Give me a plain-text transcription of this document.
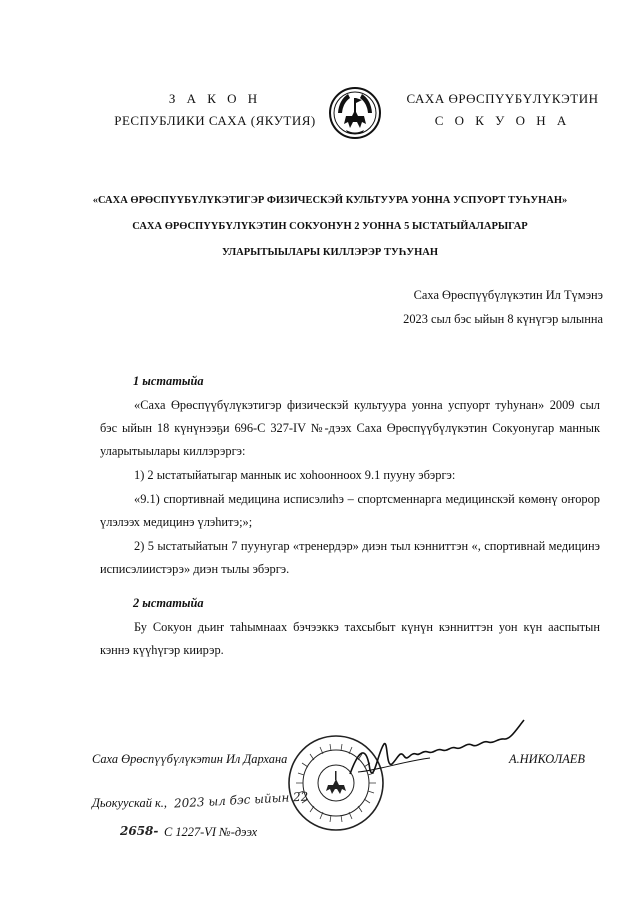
З А К О Н
РЕСПУБЛИКИ САХА (ЯКУТИЯ)
САХА ӨРӨСПҮҮБҮЛҮКЭТИН
С О К У О Н А
«САХА ӨРӨСПҮҮБҮЛҮКЭТИГЭР ФИЗИЧЕСКЭЙ КУЛЬТУУРА УОННА УСПУОРТ ТУҺУНАН»
САХА ӨРӨСПҮҮБҮЛҮКЭТИН СОКУОНУН 2 УОННА 5 ЫСТАТЫЙАЛАРЫГАР
УЛАРЫТЫЫЛАРЫ КИЛЛЭРЭР ТУҺУНАН
Саха Өрөспүүбүлүкэтин Ил Түмэнэ
2023 сыл бэс ыйын 8 күнүгэр ылынна
1 ыстатыйа
«Саха Өрөспүүбүлүкэтигэр физическэй культуура уонна успуорт туһунан» 2009 сыл бэс ыйын 18 күнүнээҕи 696-С 327-IV №-дээх Саха Өрөспүүбүлүкэтин Сокуонугар маннык уларытыылары киллэрэргэ:
1) 2 ыстатыйатыгар маннык ис хоһоонноох 9.1 пууну эбэргэ:
«9.1) спортивнай медицина исписэлиһэ – спортсменнарга медицинскэй көмөнү оҥорор үлэлээх медицинэ үлэһитэ;»;
2) 5 ыстатыйатын 7 пуунугар «тренердэр» диэн тыл кэнниттэн «, спортивнай медицинэ исписэлиистэрэ» диэн тылы эбэргэ.
2 ыстатыйа
Бу Сокуон дьиҥ таһымнаах бэчээккэ тахсыбыт күнүн кэнниттэн уон күн ааспытын кэннэ күүһүгэр киирэр.
Саха Өрөспүүбүлүкэтин Ил Дархана	А.НИКОЛАЕВ
Дьокуускай к., 2023 ыл бэс ыйын 22
2658- С 1227-VI №-дээх
